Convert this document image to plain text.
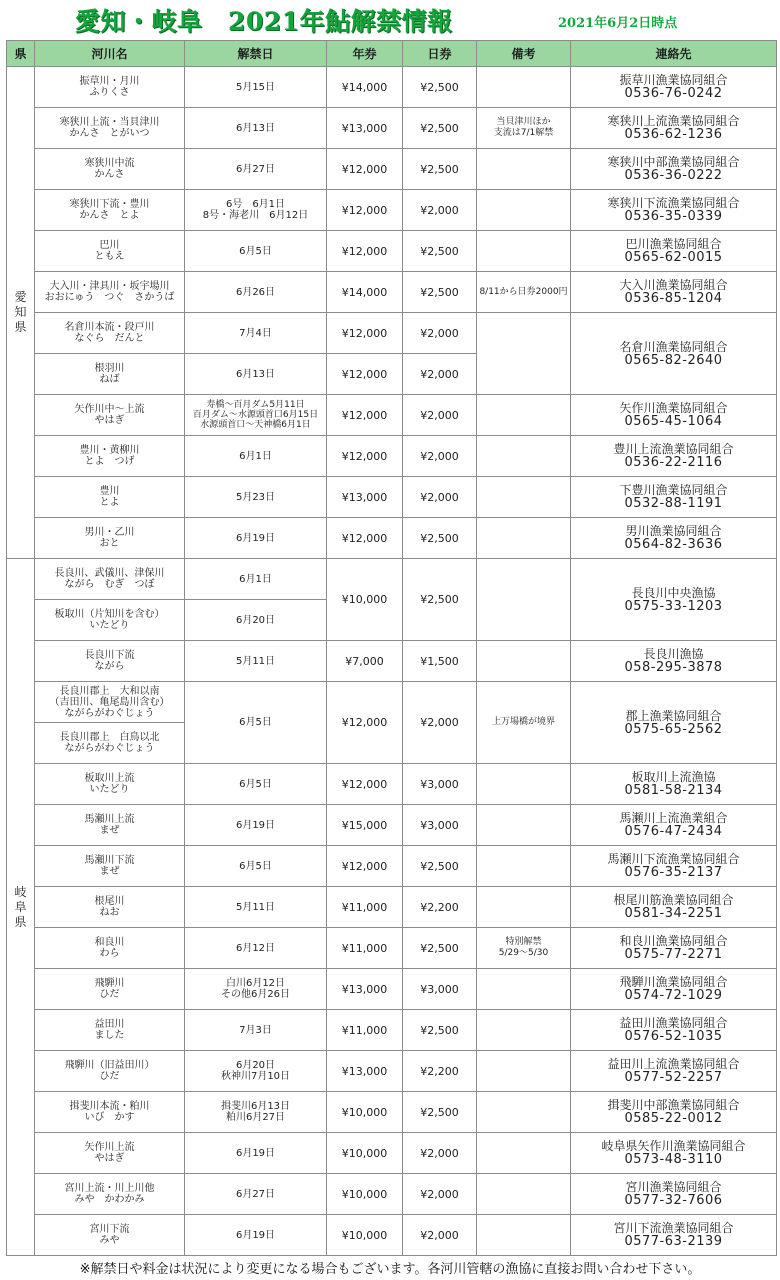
愛知・岐阜　2021年鮎解禁情報	2021年6月2日時点
県	河川名	解禁日	年券	日券	備考	連絡先

愛
知
県	振草川・月川
ふりくさ	5月15日	¥14,000	¥2,500		振草川漁業協同組合
0536-76-0242

	寒狭川上流・当貝津川
かんさ　とがいつ	6月13日	¥13,000	¥2,500	当貝津川ほか
支流は7/1解禁	寒狭川上流漁業協同組合
0536-62-1236

	寒狭川中流
かんさ	6月27日	¥12,000	¥2,500		寒狭川中部漁業協同組合
0536-36-0222

	寒狭川下流・豊川
かんさ　とよ	6号　6月1日
8号・海老川　6月12日	¥12,000	¥2,000		寒狭川下流漁業協同組合
0536-35-0339

	巴川
ともえ	6月5日	¥12,000	¥2,500		巴川漁業協同組合
0565-62-0015

	大入川・津具川・坂宇場川
おおにゅう　つぐ　さかうば	6月26日	¥14,000	¥2,500	8/11から日券2000円	大入川漁業協同組合
0536-85-1204

	名倉川本流・段戸川
なぐら　だんと	7月4日	¥12,000	¥2,000		名倉川漁業協同組合
0565-82-2640

	根羽川
ねば	6月13日	¥12,000	¥2,000		

	矢作川中～上流
やはぎ	寿橋～百月ダム5月11日
百月ダム～水源頭首口6月15日
水源頭首口～天神橋6月1日	¥12,000	¥2,000		矢作川漁業協同組合
0565-45-1064

	豊川・黄柳川
とよ　つげ	6月1日	¥12,000	¥2,000		豊川上流漁業協同組合
0536-22-2116

	豊川
とよ	5月23日	¥13,000	¥2,000		下豊川漁業協同組合
0532-88-1191

	男川・乙川
おと	6月19日	¥12,000	¥2,500		男川漁業協同組合
0564-82-3636

岐
阜
県	長良川、武儀川、津保川
ながら　むぎ　つぼ	6月1日	¥10,000	¥2,500		長良川中央漁協
0575-33-1203

	板取川（片知川を含む）
いたどり	6月20日				

	長良川下流
ながら	5月11日	¥7,000	¥1,500		長良川漁協
058-295-3878

	長良川郡上　大和以南
（吉田川、亀尾島川含む）
ながらがわぐじょう	6月5日	¥12,000	¥2,000	上万場橋が境界	郡上漁業協同組合
0575-65-2562

	長良川郡上　白鳥以北
ながらがわぐじょう					

	板取川上流
いたどり	6月5日	¥12,000	¥3,000		板取川上流漁協
0581-58-2134

	馬瀬川上流
まぜ	6月19日	¥15,000	¥3,000		馬瀬川上流漁業組合
0576-47-2434

	馬瀬川下流
まぜ	6月5日	¥12,000	¥2,500		馬瀬川下流漁業協同組合
0576-35-2137

	根尾川
ねお	5月11日	¥11,000	¥2,200		根尾川筋漁業協同組合
0581-34-2251

	和良川
わら	6月12日	¥11,000	¥2,500	特別解禁
5/29～5/30	和良川漁業協同組合
0575-77-2271

	飛騨川
ひだ	白川6月12日
その他6月26日	¥13,000	¥3,000		飛騨川漁業協同組合
0574-72-1029

	益田川
ました	7月3日	¥11,000	¥2,500		益田川漁業協同組合
0576-52-1035

	飛騨川（旧益田川）
ひだ	6月20日
秋神川7月10日	¥13,000	¥2,200		益田川上流漁業協同組合
0577-52-2257

	揖斐川本流・粕川
いび　かす	揖斐川6月13日
粕川6月27日	¥10,000	¥2,500		揖斐川中部漁業協同組合
0585-22-0012

	矢作川上流
やはぎ	6月19日	¥10,000	¥2,000		岐阜県矢作川漁業協同組合
0573-48-3110

	宮川上流・川上川他
みや　かわかみ	6月27日	¥10,000	¥2,000		宮川漁業協同組合
0577-32-7606

	宮川下流
みや	6月19日	¥10,000	¥2,000		宮川下流漁業協同組合
0577-63-2139
※解禁日や料金は状況により変更になる場合もございます。各河川管轄の漁協に直接お問い合わせ下さい。
